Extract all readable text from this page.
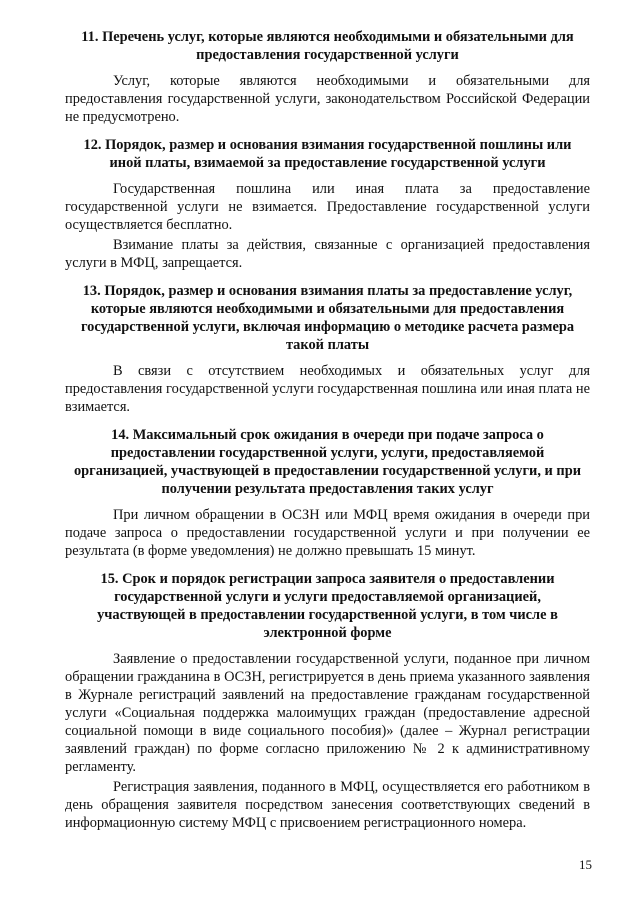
11. Перечень услуг, которые являются необходимыми и обязательными для предоставления государственной услуги

Услуг, которые являются необходимыми и обязательными для предоставления государственной услуги, законодательством Российской Федерации не предусмотрено.

12. Порядок, размер и основания взимания государственной пошлины или иной платы, взимаемой за предоставление государственной услуги

Государственная пошлина или иная плата за предоставление государственной услуги не взимается. Предоставление государственной услуги осуществляется бесплатно.

Взимание платы за действия, связанные с организацией предоставления услуги в МФЦ, запрещается.

13. Порядок, размер и основания взимания платы за предоставление услуг, которые являются необходимыми и обязательными для предоставления государственной услуги, включая информацию о методике расчета размера такой платы

В связи с отсутствием необходимых и обязательных услуг для предоставления государственной услуги государственная пошлина или иная плата не взимается.

14. Максимальный срок ожидания в очереди при подаче запроса о предоставлении государственной услуги, услуги, предоставляемой организацией, участвующей в предоставлении государственной услуги, и при получении результата предоставления таких услуг

При личном обращении в ОСЗН или МФЦ время ожидания в очереди при подаче запроса о предоставлении государственной услуги и при получении ее результата (в форме уведомления) не должно превышать 15 минут.

15. Срок и порядок регистрации запроса заявителя о предоставлении государственной услуги и услуги предоставляемой организацией, участвующей в предоставлении государственной услуги, в том числе в электронной форме

Заявление о предоставлении государственной услуги, поданное при личном обращении гражданина в ОСЗН, регистрируется в день приема указанного заявления в Журнале регистраций заявлений на предоставление гражданам государственной услуги «Социальная поддержка малоимущих граждан (предоставление адресной социальной помощи в виде социального пособия)» (далее – Журнал регистрации заявлений граждан) по форме согласно приложению № 2 к административному регламенту.

Регистрация заявления, поданного в МФЦ, осуществляется его работником в день обращения заявителя посредством занесения соответствующих сведений в информационную систему МФЦ с присвоением регистрационного номера.

15
